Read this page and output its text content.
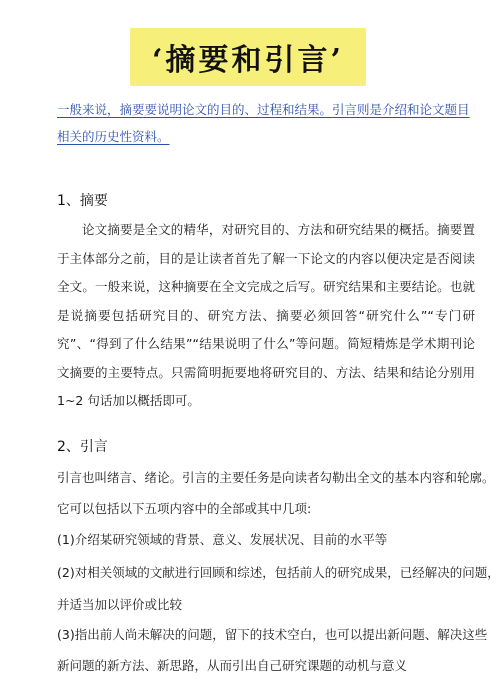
‘摘要和引言’
一般来说，摘要要说明论文的目的、过程和结果。引言则是介绍和论文题目相关的历史性资料。
1、摘要
论文摘要是全文的精华，对研究目的、方法和研究结果的概括。摘要置于主体部分之前，目的是让读者首先了解一下论文的内容以便决定是否阅读全文。一般来说，这种摘要在全文完成之后写。研究结果和主要结论。也就是说摘要包括研究目的、研究方法、摘要必须回答“研究什么”“专门研究”、“得到了什么结果”“结果说明了什么”等问题。简短精炼是学术期刊论文摘要的主要特点。只需简明扼要地将研究目的、方法、结果和结论分别用 1~2 句话加以概括即可。
2、引言
引言也叫绪言、绪论。引言的主要任务是向读者勾勒出全文的基本内容和轮廓。
它可以包括以下五项内容中的全部或其中几项:
(1)介绍某研究领域的背景、意义、发展状况、目前的水平等
(2)对相关领域的文献进行回顾和综述，包括前人的研究成果，已经解决的问题，
并适当加以评价或比较
(3)指出前人尚未解决的问题，留下的技术空白，也可以提出新问题、解决这些
新问题的新方法、新思路，从而引出自己研究课题的动机与意义
